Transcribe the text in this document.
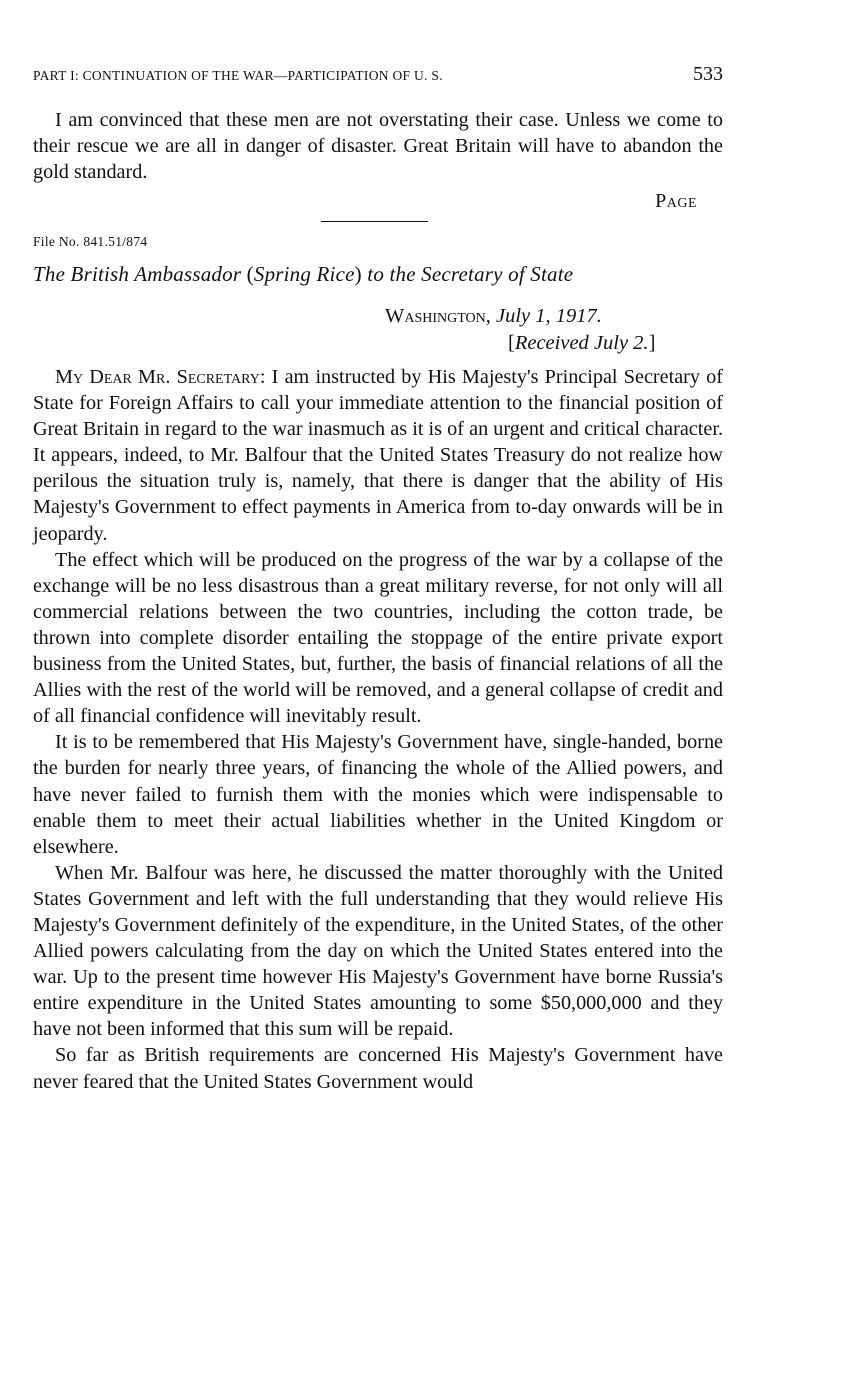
PART I: CONTINUATION OF THE WAR—PARTICIPATION OF U. S.	533

I am convinced that these men are not overstating their case. Unless we come to their rescue we are all in danger of disaster. Great Britain will have to abandon the gold standard.

Page
File No. 841.51/874
The British Ambassador (Spring Rice) to the Secretary of State
Washington, July 1, 1917.
[Received July 2.]

My Dear Mr. Secretary: I am instructed by His Majesty's Principal Secretary of State for Foreign Affairs to call your immediate attention to the financial position of Great Britain in regard to the war inasmuch as it is of an urgent and critical character. It appears, indeed, to Mr. Balfour that the United States Treasury do not realize how perilous the situation truly is, namely, that there is danger that the ability of His Majesty's Government to effect payments in America from to-day onwards will be in jeopardy.

The effect which will be produced on the progress of the war by a collapse of the exchange will be no less disastrous than a great military reverse, for not only will all commercial relations between the two countries, including the cotton trade, be thrown into complete disorder entailing the stoppage of the entire private export business from the United States, but, further, the basis of financial relations of all the Allies with the rest of the world will be removed, and a general collapse of credit and of all financial confidence will inevitably result.

It is to be remembered that His Majesty's Government have, single-handed, borne the burden for nearly three years, of financing the whole of the Allied powers, and have never failed to furnish them with the monies which were indispensable to enable them to meet their actual liabilities whether in the United Kingdom or elsewhere.

When Mr. Balfour was here, he discussed the matter thoroughly with the United States Government and left with the full understanding that they would relieve His Majesty's Government definitely of the expenditure, in the United States, of the other Allied powers calculating from the day on which the United States entered into the war. Up to the present time however His Majesty's Government have borne Russia's entire expenditure in the United States amounting to some $50,000,000 and they have not been informed that this sum will be repaid.

So far as British requirements are concerned His Majesty's Government have never feared that the United States Government would
